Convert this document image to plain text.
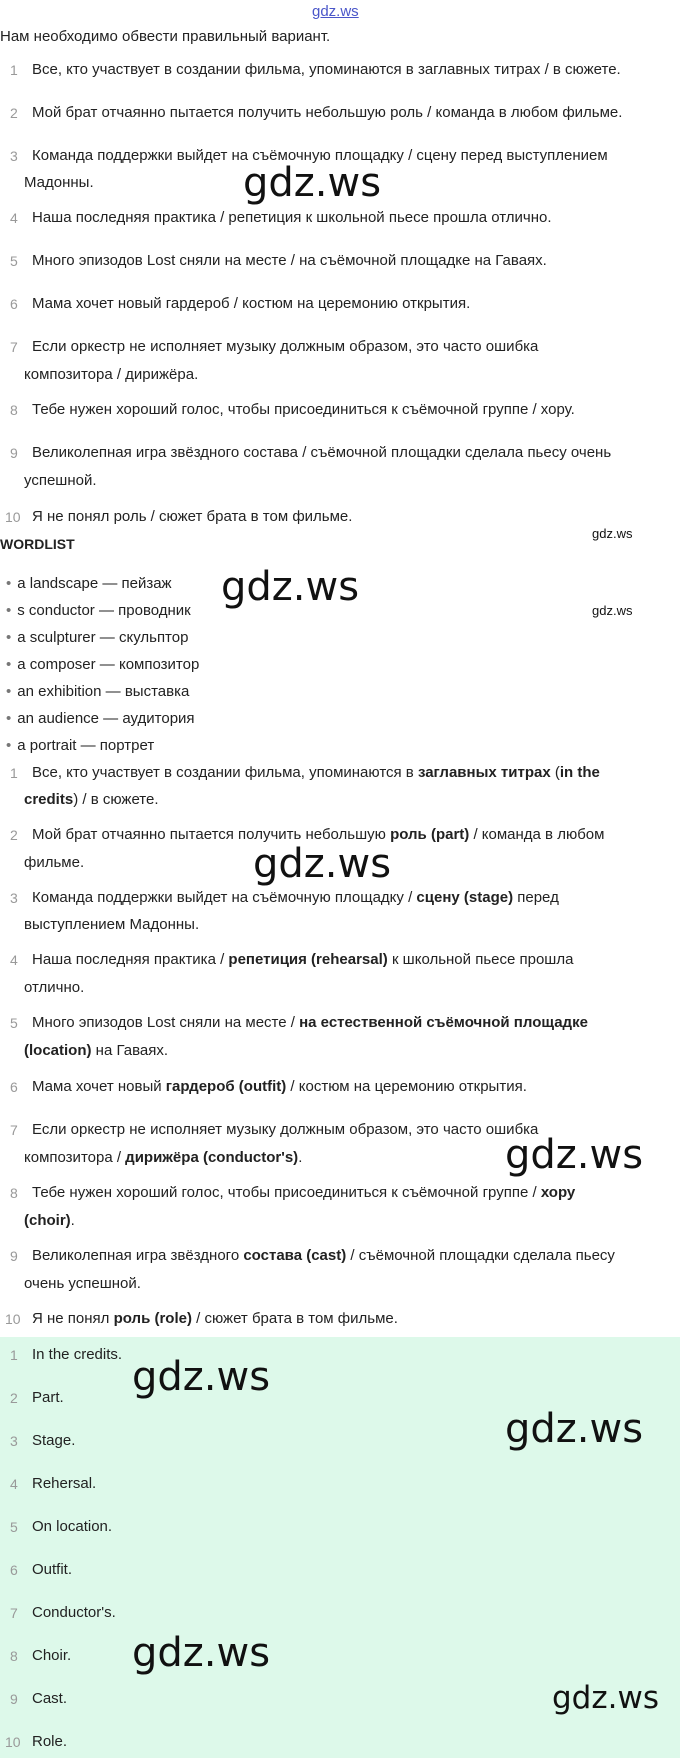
gdz.ws
Нам необходимо обвести правильный вариант.
1 Все, кто участвует в создании фильма, упоминаются в заглавных титрах / в сюжете.
2 Мой брат отчаянно пытается получить небольшую роль / команда в любом фильме.
3 Команда поддержки выйдет на съёмочную площадку / сцену перед выступлением
Мадонны.
4 Наша последняя практика / репетиция к школьной пьесе прошла отлично.
5 Много эпизодов Lost сняли на месте / на съёмочной площадке на Гаваях.
6 Мама хочет новый гардероб / костюм на церемонию открытия.
7 Если оркестр не исполняет музыку должным образом, это часто ошибка
композитора / дирижёра.
8 Тебе нужен хороший голос, чтобы присоединиться к съёмочной группе / хору.
9 Великолепная игра звёздного состава / съёмочной площадки сделала пьесу очень
успешной.
10 Я не понял роль / сюжет брата в том фильме.
WORDLIST
• a landscape — пейзаж
• s conductor — проводник
• a sculpturer — скульптор
• a composer — композитор
• an exhibition — выставка
• an audience — аудитория
• a portrait — портрет
1 Все, кто участвует в создании фильма, упоминаются в заглавных титрах (in the
credits) / в сюжете.
2 Мой брат отчаянно пытается получить небольшую роль (part) / команда в любом
фильме.
3 Команда поддержки выйдет на съёмочную площадку / сцену (stage) перед
выступлением Мадонны.
4 Наша последняя практика / репетиция (rehearsal) к школьной пьесе прошла
отлично.
5 Много эпизодов Lost сняли на месте / на естественной съёмочной площадке
(location) на Гаваях.
6 Мама хочет новый гардероб (outfit) / костюм на церемонию открытия.
7 Если оркестр не исполняет музыку должным образом, это часто ошибка
композитора / дирижёра (conductor's).
8 Тебе нужен хороший голос, чтобы присоединиться к съёмочной группе / хору
(choir).
9 Великолепная игра звёздного состава (cast) / съёмочной площадки сделала пьесу
очень успешной.
10 Я не понял роль (role) / сюжет брата в том фильме.
1 In the credits.
2 Part.
3 Stage.
4 Rehersal.
5 On location.
6 Outfit.
7 Conductor's.
8 Choir.
9 Cast.
10 Role.
gdz.ws
gdz.ws
gdz.ws
gdz.ws
gdz.ws
gdz.ws
gdz.ws
gdz.ws
gdz.ws
gdz.ws
